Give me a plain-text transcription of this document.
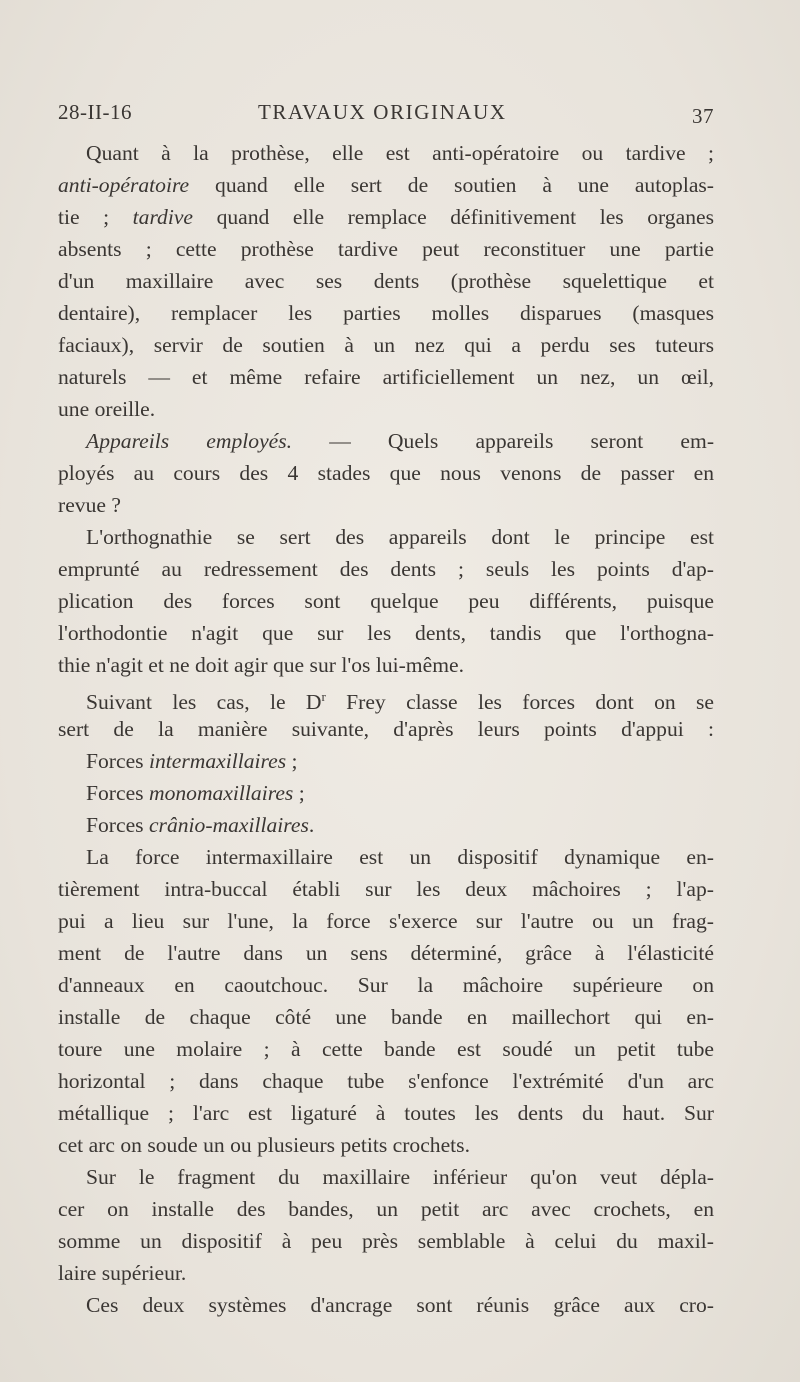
28-II-16	TRAVAUX ORIGINAUX	37
Quant à la prothèse, elle est anti-opératoire ou tardive ;
anti-opératoire quand elle sert de soutien à une autoplas-
tie ; tardive quand elle remplace définitivement les organes
absents ; cette prothèse tardive peut reconstituer une partie
d'un maxillaire avec ses dents (prothèse squelettique et
dentaire), remplacer les parties molles disparues (masques
faciaux), servir de soutien à un nez qui a perdu ses tuteurs
naturels — et même refaire artificiellement un nez, un œil,
une oreille.
Appareils employés. — Quels appareils seront em-
ployés au cours des 4 stades que nous venons de passer en
revue ?
L'orthognathie se sert des appareils dont le principe est
emprunté au redressement des dents ; seuls les points d'ap-
plication des forces sont quelque peu différents, puisque
l'orthodontie n'agit que sur les dents, tandis que l'orthogna-
thie n'agit et ne doit agir que sur l'os lui-même.
Suivant les cas, le $D^r$ Frey classe les forces dont on se
sert de la manière suivante, d'après leurs points d'appui :
Forces intermaxillaires ;
Forces monomaxillaires ;
Forces crânio-maxillaires.
La force intermaxillaire est un dispositif dynamique en-
tièrement intra-buccal établi sur les deux mâchoires ; l'ap-
pui a lieu sur l'une, la force s'exerce sur l'autre ou un frag-
ment de l'autre dans un sens déterminé, grâce à l'élasticité
d'anneaux en caoutchouc. Sur la mâchoire supérieure on
installe de chaque côté une bande en maillechort qui en-
toure une molaire ; à cette bande est soudé un petit tube
horizontal ; dans chaque tube s'enfonce l'extrémité d'un arc
métallique ; l'arc est ligaturé à toutes les dents du haut. Sur
cet arc on soude un ou plusieurs petits crochets.
Sur le fragment du maxillaire inférieur qu'on veut dépla-
cer on installe des bandes, un petit arc avec crochets, en
somme un dispositif à peu près semblable à celui du maxil-
laire supérieur.
Ces deux systèmes d'ancrage sont réunis grâce aux cro-
